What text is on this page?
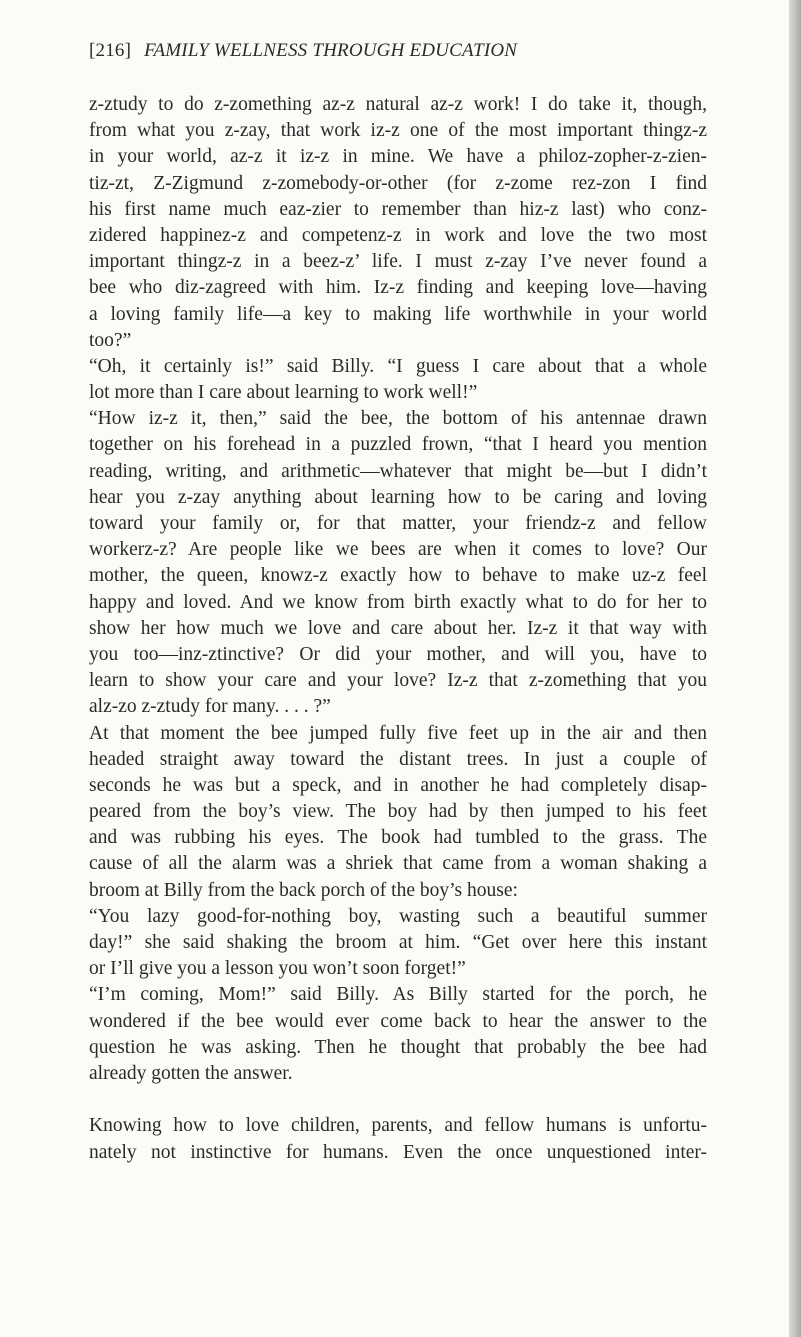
[216] FAMILY WELLNESS THROUGH EDUCATION
z-ztudy to do z-zomething az-z natural az-z work! I do take it, though,
from what you z-zay, that work iz-z one of the most important thingz-z
in your world, az-z it iz-z in mine. We have a philoz-zopher-z-zien-
tiz-zt, Z-Zigmund z-zomebody-or-other (for z-zome rez-zon I find
his first name much eaz-zier to remember than hiz-z last) who conz-
zidered happinez-z and competenz-z in work and love the two most
important thingz-z in a beez-z’ life. I must z-zay I’ve never found a
bee who diz-zagreed with him. Iz-z finding and keeping love—having
a loving family life—a key to making life worthwhile in your world
too?”
“Oh, it certainly is!” said Billy. “I guess I care about that a whole
lot more than I care about learning to work well!”
“How iz-z it, then,” said the bee, the bottom of his antennae drawn
together on his forehead in a puzzled frown, “that I heard you mention
reading, writing, and arithmetic—whatever that might be—but I didn’t
hear you z-zay anything about learning how to be caring and loving
toward your family or, for that matter, your friendz-z and fellow
workerz-z? Are people like we bees are when it comes to love? Our
mother, the queen, knowz-z exactly how to behave to make uz-z feel
happy and loved. And we know from birth exactly what to do for her to
show her how much we love and care about her. Iz-z it that way with
you too—inz-ztinctive? Or did your mother, and will you, have to
learn to show your care and your love? Iz-z that z-zomething that you
alz-zo z-ztudy for many. . . . ?”
At that moment the bee jumped fully five feet up in the air and then
headed straight away toward the distant trees. In just a couple of
seconds he was but a speck, and in another he had completely disap-
peared from the boy’s view. The boy had by then jumped to his feet
and was rubbing his eyes. The book had tumbled to the grass. The
cause of all the alarm was a shriek that came from a woman shaking a
broom at Billy from the back porch of the boy’s house:
“You lazy good-for-nothing boy, wasting such a beautiful summer
day!” she said shaking the broom at him. “Get over here this instant
or I’ll give you a lesson you won’t soon forget!”
“I’m coming, Mom!” said Billy. As Billy started for the porch, he
wondered if the bee would ever come back to hear the answer to the
question he was asking. Then he thought that probably the bee had
already gotten the answer.
Knowing how to love children, parents, and fellow humans is unfortu-
nately not instinctive for humans. Even the once unquestioned inter-
